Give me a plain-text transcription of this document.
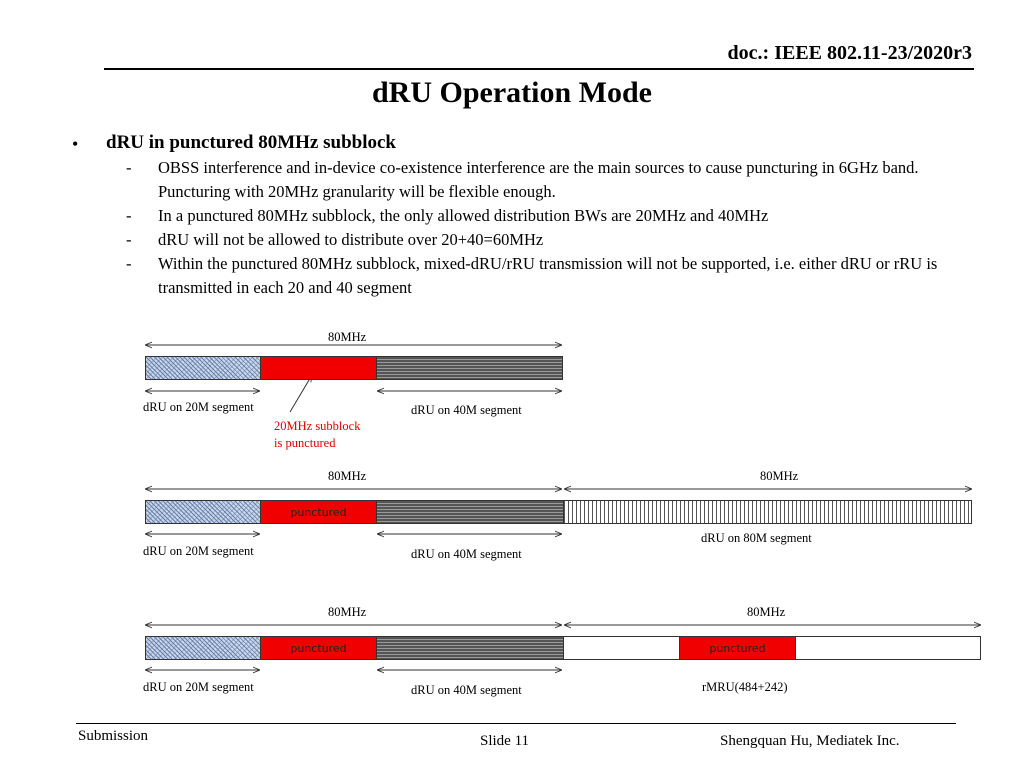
doc.: IEEE 802.11-23/2020r3
dRU Operation Mode
• dRU in punctured 80MHz subblock
- OBSS interference and in-device co-existence interference are the main sources to cause puncturing in 6GHz band. Puncturing with 20MHz granularity will be flexible enough.
- In a punctured 80MHz subblock, the only allowed distribution BWs are 20MHz and 40MHz
- dRU will not be allowed to distribute over 20+40=60MHz
- Within the punctured 80MHz subblock, mixed-dRU/rRU transmission will not be supported, i.e. either dRU or rRU is transmitted in each 20 and 40 segment
80MHz
dRU on 20M segment	dRU on 40M segment
20MHz subblock
is punctured
80MHz	80MHz
punctured
dRU on 20M segment	dRU on 40M segment
dRU on 80M segment
80MHz	80MHz
punctured	punctured
dRU on 20M segment	dRU on 40M segment	rMRU(484+242)
Submission	Slide 11	Shengquan Hu, Mediatek Inc.
